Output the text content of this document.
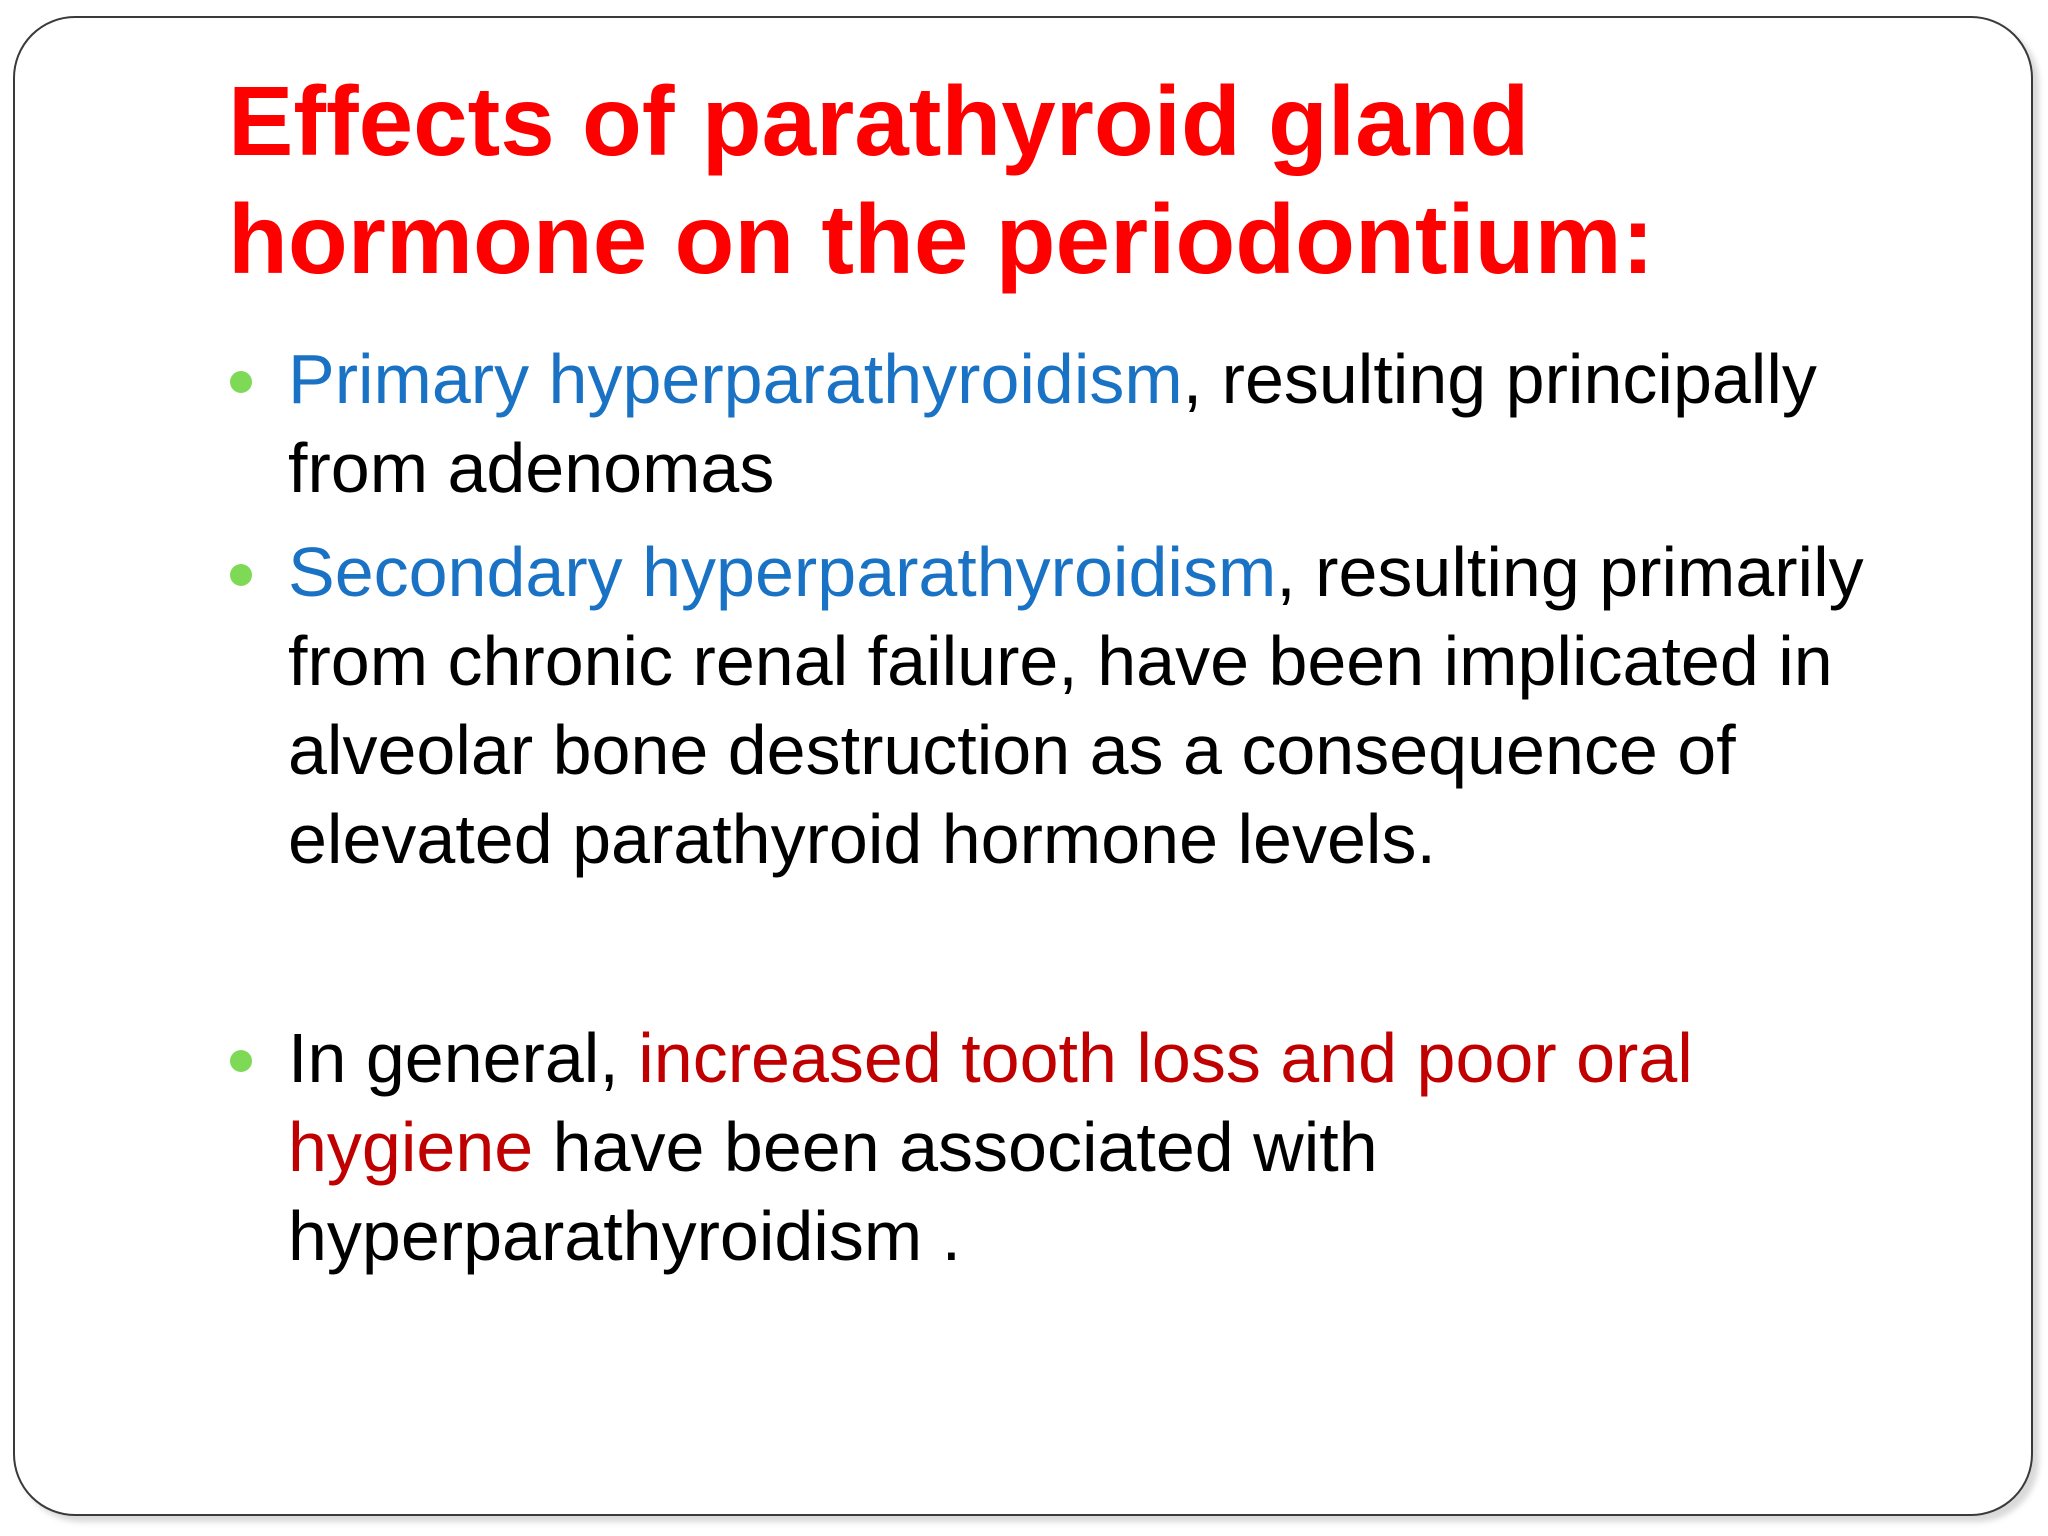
Effects of parathyroid gland hormone on the periodontium:
Primary hyperparathyroidism, resulting principally from adenomas
Secondary hyperparathyroidism, resulting primarily from chronic renal failure, have been implicated in alveolar bone destruction as a consequence of elevated parathyroid hormone levels.
In general, increased tooth loss and poor oral hygiene have been associated with hyperparathyroidism .
